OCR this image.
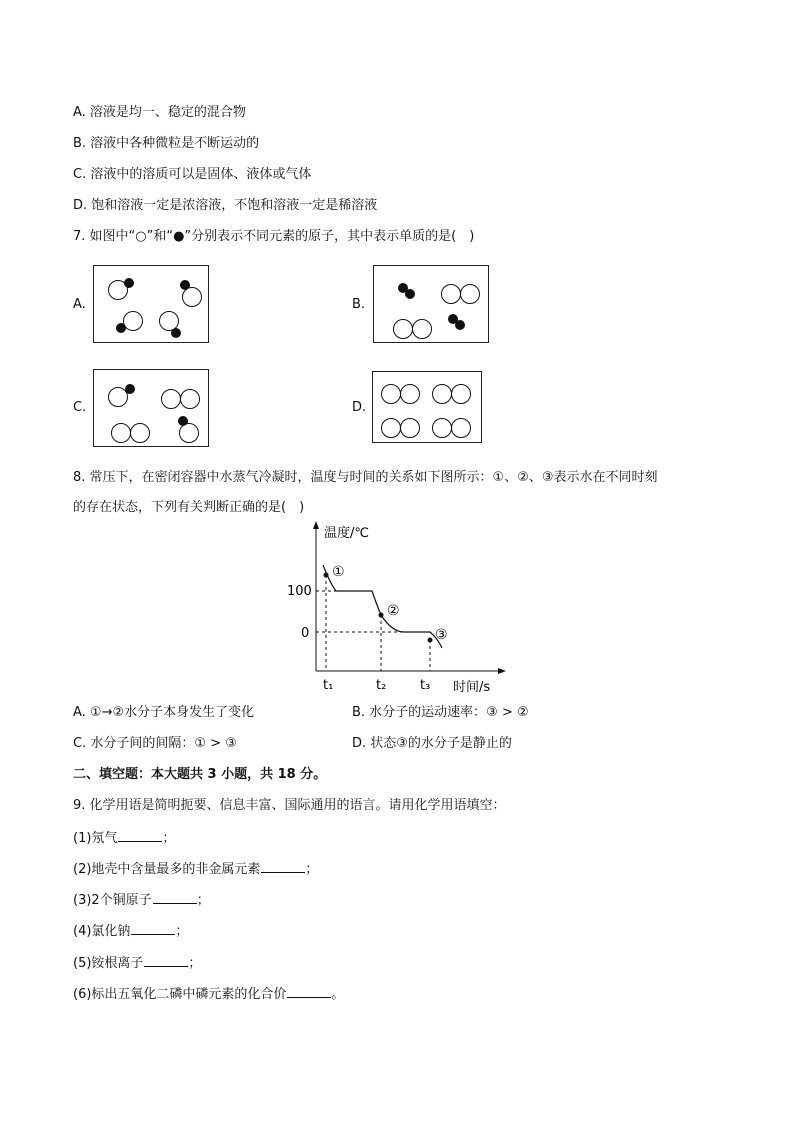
A. 溶液是均一、稳定的混合物
B. 溶液中各种微粒是不断运动的
C. 溶液中的溶质可以是固体、液体或气体
D. 饱和溶液一定是浓溶液，不饱和溶液一定是稀溶液
7. 如图中“○”和“●”分别表示不同元素的原子，其中表示单质的是(　)
A.	B.
C.	D.
8. 常压下，在密闭容器中水蒸气冷凝时，温度与时间的关系如下图所示：①、②、③表示水在不同时刻
的存在状态，下列有关判断正确的是(　)
温度/℃
时间/s
100
0
t₁	t₂	t₃
①
②
③
A. ①→②水分子本身发生了变化	B. 水分子的运动速率：③ > ②
C. 水分子间的间隔：① > ③	D. 状态③的水分子是静止的
二、填空题：本大题共 3 小题，共 18 分。
9. 化学用语是简明扼要、信息丰富、国际通用的语言。请用化学用语填空：
(1)氖气	；
(2)地壳中含量最多的非金属元素	；
(3)2个铜原子	；
(4)氯化钠	；
(5)铵根离子	；
(6)标出五氧化二磷中磷元素的化合价	。
